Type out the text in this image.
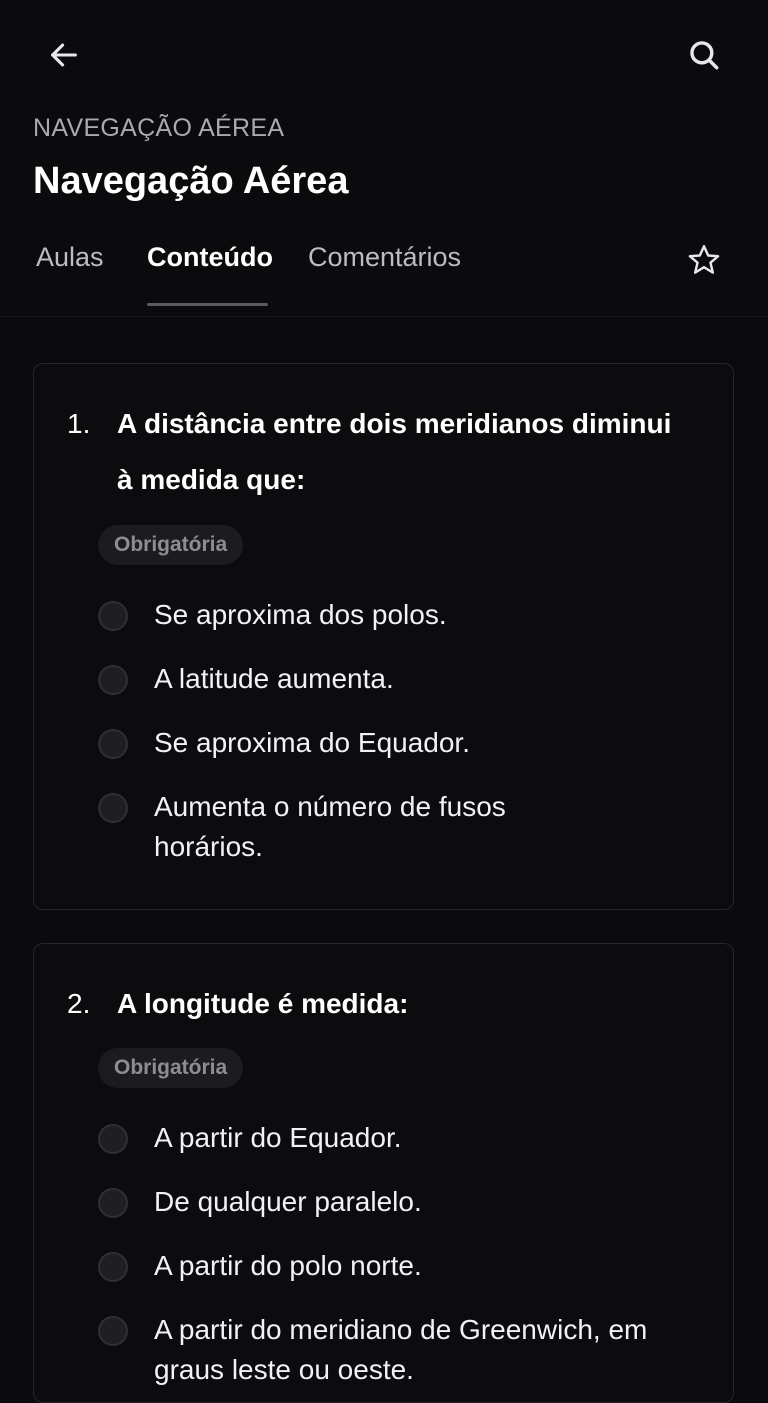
NAVEGAÇÃO AÉREA
Navegação Aérea
Aulas Conteúdo Comentários
1. A distância entre dois meridianos diminui à medida que:
Obrigatória
Se aproxima dos polos.
A latitude aumenta.
Se aproxima do Equador.
Aumenta o número de fusos horários.
2. A longitude é medida:
Obrigatória
A partir do Equador.
De qualquer paralelo.
A partir do polo norte.
A partir do meridiano de Greenwich, em graus leste ou oeste.
